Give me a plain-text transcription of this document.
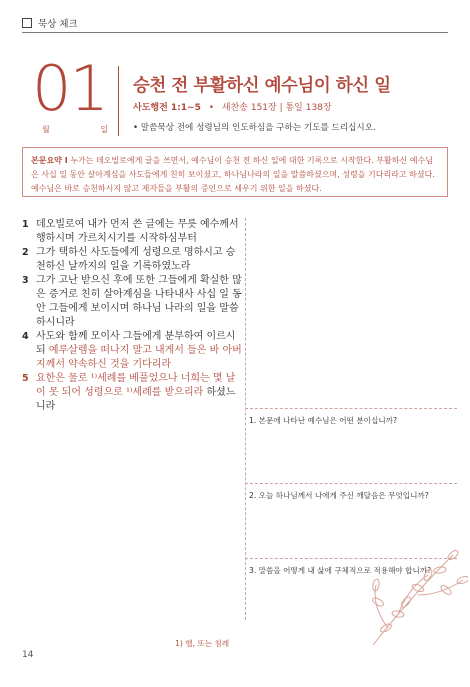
묵상 체크
01
월	일
승천 전 부활하신 예수님이 하신 일
사도행전 1:1~5 • 새찬송 151장 | 통일 138장
• 말씀묵상 전에 성령님의 인도하심을 구하는 기도를 드리십시오.
본문요약 I 누가는 데오빌로에게 글을 쓰면서, 예수님이 승천 전 하신 일에 대한 기록으로 시작한다. 부활하신 예수님은 사십 일 동안 살아계심을 사도들에게 친히 보이셨고, 하나님나라의 일을 말씀하셨으며, 성령을 기다리라고 하셨다. 예수님은 바로 승천하시지 않고 제자들을 부활의 증인으로 세우기 위한 일을 하셨다.
1 데오빌로여 내가 먼저 쓴 글에는 무릇 예수께서 행하시며 가르치시기를 시작하심부터
2 그가 택하신 사도들에게 성령으로 명하시고 승천하신 날까지의 일을 기록하였노라
3 그가 고난 받으신 후에 또한 그들에게 확실한 많은 증거로 친히 살아계심을 나타내사 사십 일 동안 그들에게 보이시며 하나님 나라의 일을 말씀하시니라
4 사도와 함께 모이사 그들에게 분부하여 이르시되 예루살렘을 떠나지 말고 내게서 들은 바 아버지께서 약속하신 것을 기다리라
5 요한은 물로 ¹⁾세례를 베풀었으나 너희는 몇 날이 못 되어 성령으로 ¹⁾세례를 받으리라 하셨느니라
1. 본문에 나타난 예수님은 어떤 분이십니까?
2. 오늘 하나님께서 나에게 주신 깨달음은 무엇입니까?
3. 말씀을 어떻게 내 삶에 구체적으로 적용해야 합니까?
1) 헬, 또는 침례
14
